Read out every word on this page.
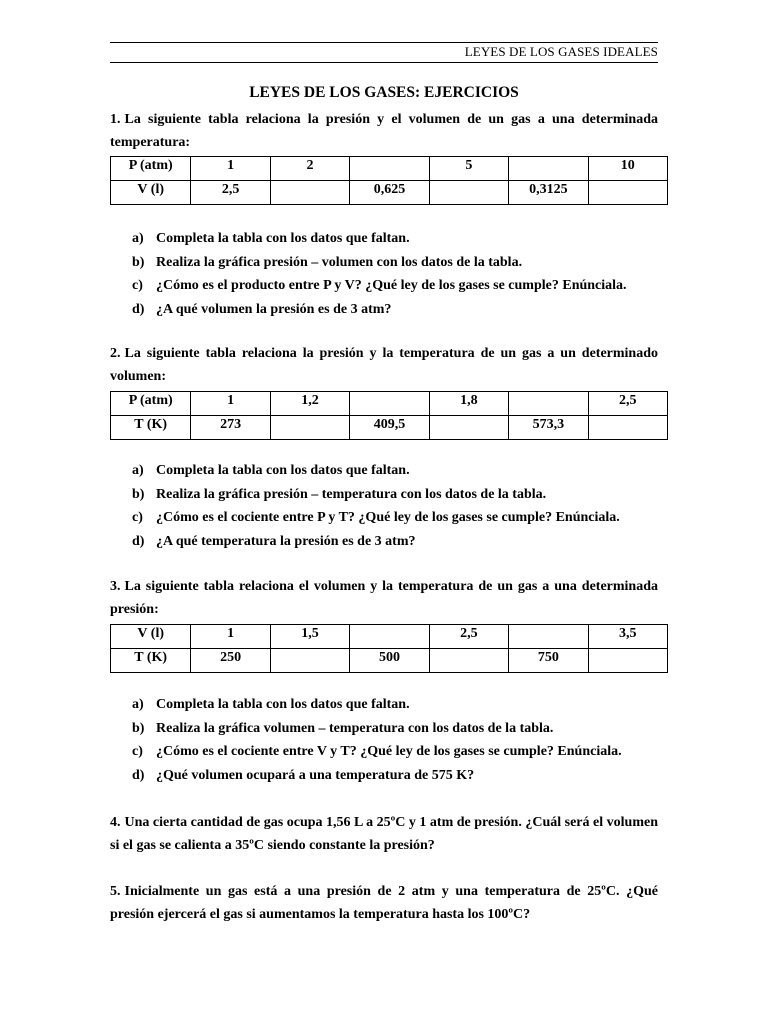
LEYES DE LOS GASES IDEALES
LEYES DE LOS GASES: EJERCICIOS
1. La siguiente tabla relaciona la presión y el volumen de un gas a una determinada temperatura:
P (atm)	1	2		5		10
V (l)	2,5		0,625		0,3125	
a) Completa la tabla con los datos que faltan.
b) Realiza la gráfica presión – volumen con los datos de la tabla.
c) ¿Cómo es el producto entre P y V? ¿Qué ley de los gases se cumple? Enúnciala.
d) ¿A qué volumen la presión es de 3 atm?
2. La siguiente tabla relaciona la presión y la temperatura de un gas a un determinado volumen:
P (atm)	1	1,2		1,8		2,5
T (K)	273		409,5		573,3	
a) Completa la tabla con los datos que faltan.
b) Realiza la gráfica presión – temperatura con los datos de la tabla.
c) ¿Cómo es el cociente entre P y T? ¿Qué ley de los gases se cumple? Enúnciala.
d) ¿A qué temperatura la presión es de 3 atm?
3. La siguiente tabla relaciona el volumen y la temperatura de un gas a una determinada presión:
V (l)	1	1,5		2,5		3,5
T (K)	250		500		750	
a) Completa la tabla con los datos que faltan.
b) Realiza la gráfica volumen – temperatura con los datos de la tabla.
c) ¿Cómo es el cociente entre V y T? ¿Qué ley de los gases se cumple? Enúnciala.
d) ¿Qué volumen ocupará a una temperatura de 575 K?
4. Una cierta cantidad de gas ocupa 1,56 L a 25ºC y 1 atm de presión. ¿Cuál será el volumen si el gas se calienta a 35ºC siendo constante la presión?
5. Inicialmente un gas está a una presión de 2 atm y una temperatura de 25ºC. ¿Qué presión ejercerá el gas si aumentamos la temperatura hasta los 100ºC?
